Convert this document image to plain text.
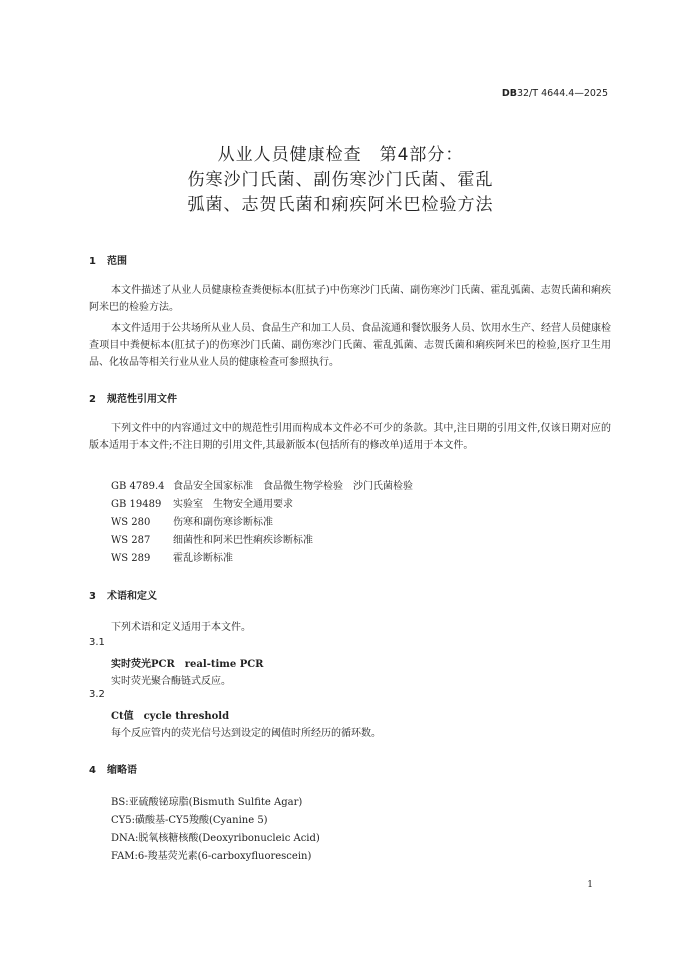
DB32/T 4644.4—2025
从业人员健康检查　第4部分：
伤寒沙门氏菌、副伤寒沙门氏菌、霍乱
弧菌、志贺氏菌和痢疾阿米巴检验方法
1 范围

本文件描述了从业人员健康检查粪便标本(肛拭子)中伤寒沙门氏菌、副伤寒沙门氏菌、霍乱弧菌、志贺氏菌和痢疾阿米巴的检验方法。

本文件适用于公共场所从业人员、食品生产和加工人员、食品流通和餐饮服务人员、饮用水生产、经营人员健康检查项目中粪便标本(肛拭子)的伤寒沙门氏菌、副伤寒沙门氏菌、霍乱弧菌、志贺氏菌和痢疾阿米巴的检验,医疗卫生用品、化妆品等相关行业从业人员的健康检查可参照执行。

2 规范性引用文件

下列文件中的内容通过文中的规范性引用而构成本文件必不可少的条款。其中,注日期的引用文件,仅该日期对应的版本适用于本文件;不注日期的引用文件,其最新版本(包括所有的修改单)适用于本文件。

GB 4789.4 食品安全国家标准　食品微生物学检验　沙门氏菌检验
GB 19489 实验室　生物安全通用要求
WS 280 伤寒和副伤寒诊断标准
WS 287 细菌性和阿米巴性痢疾诊断标准
WS 289 霍乱诊断标准
3 术语和定义
下列术语和定义适用于本文件。
3.1
实时荧光PCR　real-time PCR
实时荧光聚合酶链式反应。
3.2
Ct值　cycle threshold
每个反应管内的荧光信号达到设定的阈值时所经历的循环数。
4 缩略语
BS:亚硫酸铋琼脂(Bismuth Sulfite Agar)
CY5:磺酸基-CY5羧酸(Cyanine 5)
DNA:脱氧核糖核酸(Deoxyribonucleic Acid)
FAM:6-羧基荧光素(6-carboxyfluorescein)
1
